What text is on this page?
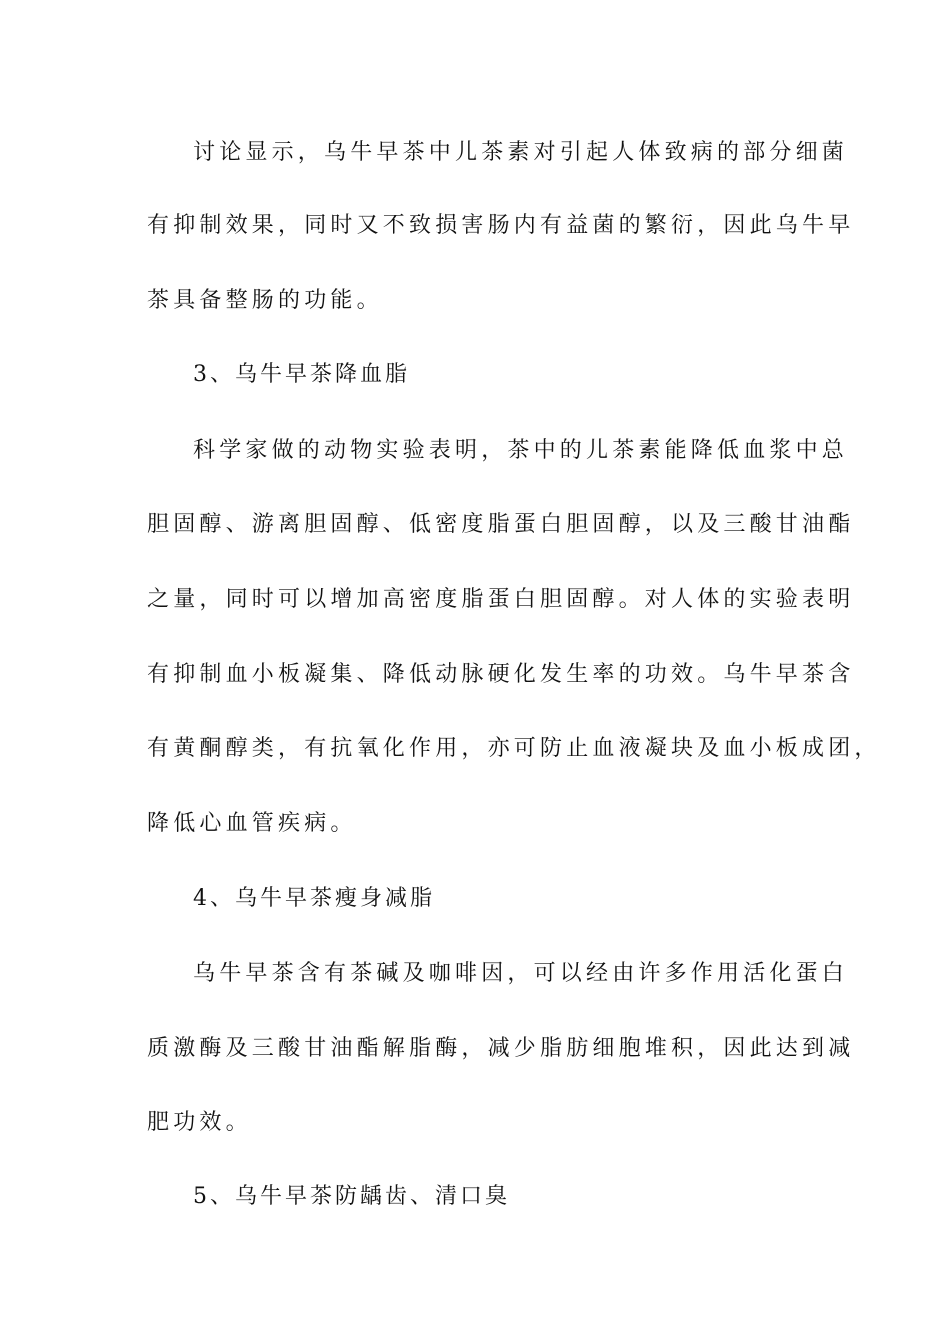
讨论显示，乌牛早茶中儿茶素对引起人体致病的部分细菌

有抑制效果，同时又不致损害肠内有益菌的繁衍，因此乌牛早

茶具备整肠的功能。

3、乌牛早茶降血脂

科学家做的动物实验表明，茶中的儿茶素能降低血浆中总

胆固醇、游离胆固醇、低密度脂蛋白胆固醇，以及三酸甘油酯

之量，同时可以增加高密度脂蛋白胆固醇。对人体的实验表明

有抑制血小板凝集、降低动脉硬化发生率的功效。乌牛早茶含

有黄酮醇类，有抗氧化作用，亦可防止血液凝块及血小板成团，

降低心血管疾病。

4、乌牛早茶瘦身减脂

乌牛早茶含有茶碱及咖啡因，可以经由许多作用活化蛋白

质激酶及三酸甘油酯解脂酶，减少脂肪细胞堆积，因此达到减

肥功效。

5、乌牛早茶防龋齿、清口臭
